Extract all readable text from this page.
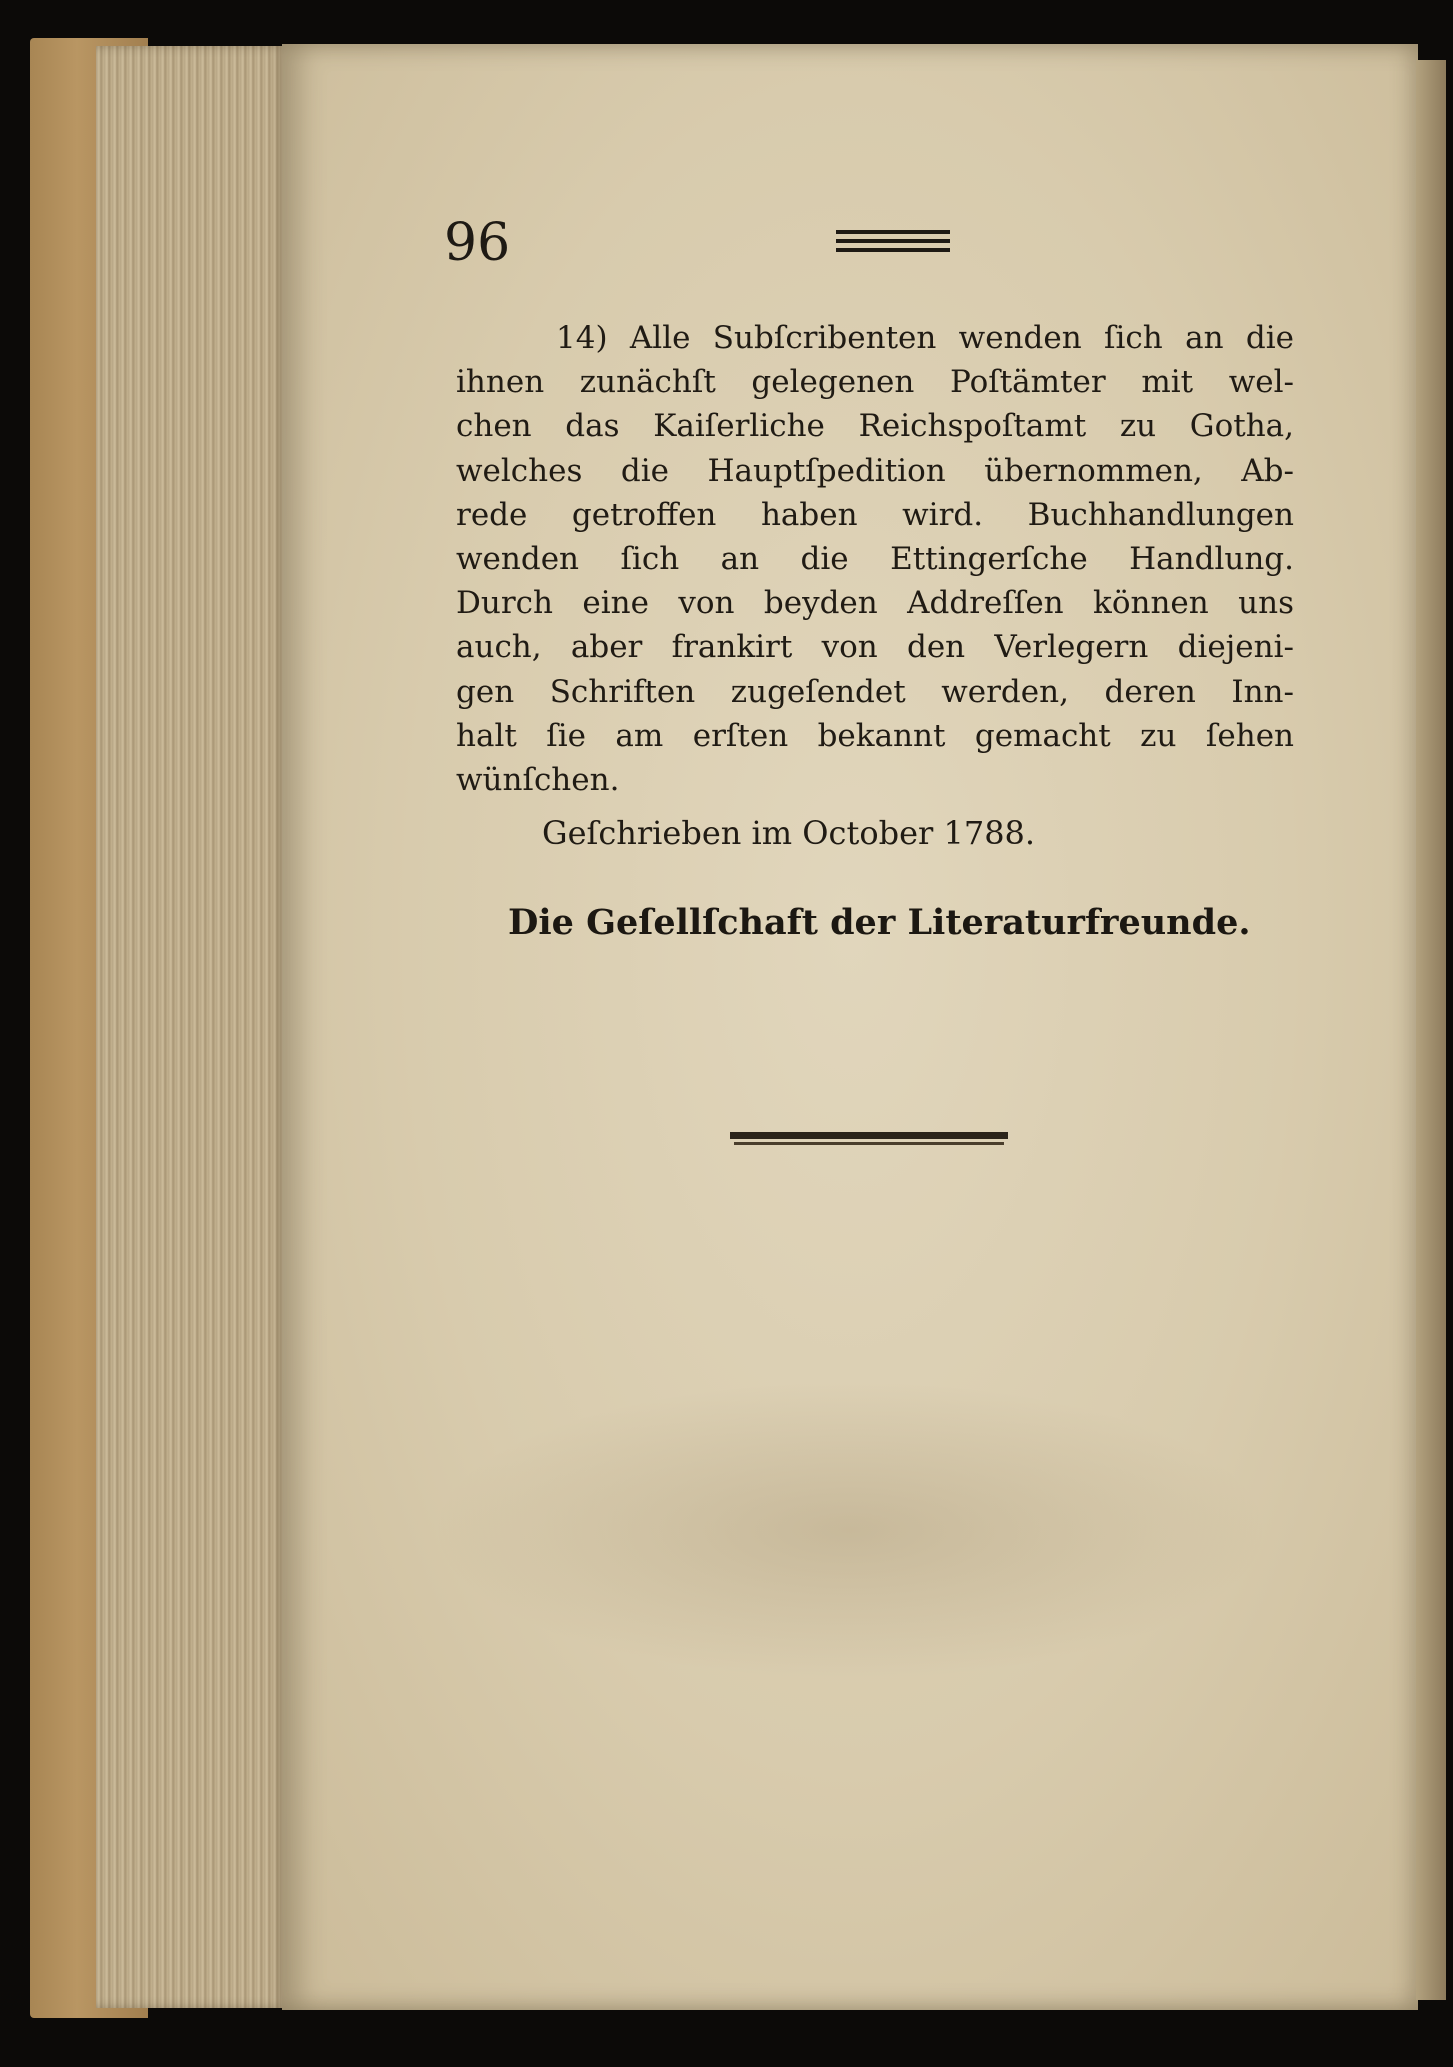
96
14) Alle Subſcribenten wenden ſich an die
ihnen zunächſt gelegenen Poſtämter mit wel-
chen das Kaiſerliche Reichspoſtamt zu Gotha,
welches die Hauptſpedition übernommen, Ab-
rede getroffen haben wird. Buchhandlungen
wenden ſich an die Ettingerſche Handlung.
Durch eine von beyden Addreſſen können uns
auch, aber frankirt von den Verlegern diejeni-
gen Schriften zugeſendet werden, deren Inn-
halt ſie am erſten bekannt gemacht zu ſehen
wünſchen.
Geſchrieben im October 1788.
Die Geſellſchaft der Literaturfreunde.
